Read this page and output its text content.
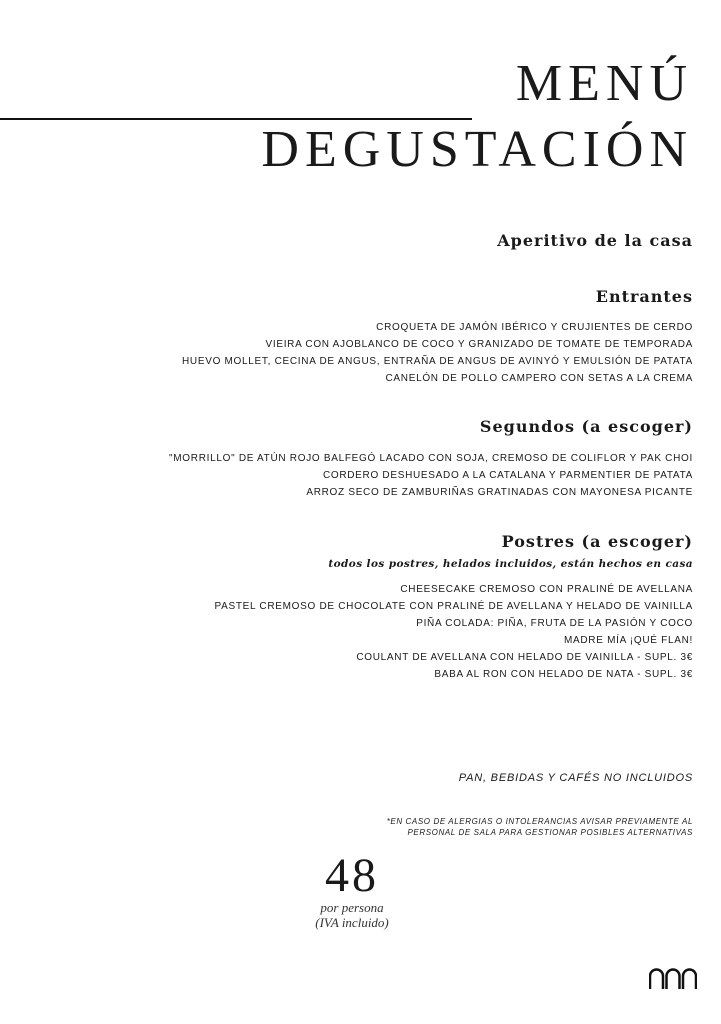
MENÚ
DEGUSTACIÓN
Aperitivo de la casa
Entrantes
CROQUETA DE JAMÓN IBÉRICO Y CRUJIENTES DE CERDO
VIEIRA CON AJOBLANCO DE COCO Y GRANIZADO DE TOMATE DE TEMPORADA
HUEVO MOLLET, CECINA DE ANGUS, ENTRAÑA DE ANGUS DE AVINYÓ Y EMULSIÓN DE PATATA
CANELÓN DE POLLO CAMPERO CON SETAS A LA CREMA
Segundos (a escoger)
"MORRILLO" DE ATÚN ROJO BALFEGÓ LACADO CON SOJA, CREMOSO DE COLIFLOR Y PAK CHOI
CORDERO DESHUESADO A LA CATALANA Y PARMENTIER DE PATATA
ARROZ SECO DE ZAMBURIÑAS GRATINADAS CON MAYONESA PICANTE
Postres (a escoger)
todos los postres, helados incluidos, están hechos en casa
CHEESECAKE CREMOSO CON PRALINÉ DE AVELLANA
PASTEL CREMOSO DE CHOCOLATE CON PRALINÉ DE AVELLANA Y HELADO DE VAINILLA
PIÑA COLADA: PIÑA, FRUTA DE LA PASIÓN Y COCO
MADRE MÍA ¡QUÉ FLAN!
COULANT DE AVELLANA CON HELADO DE VAINILLA - SUPL. 3€
BABA AL RON CON HELADO DE NATA - SUPL. 3€
PAN, BEBIDAS Y CAFÉS NO INCLUIDOS
*EN CASO DE ALERGIAS O INTOLERANCIAS AVISAR PREVIAMENTE AL
PERSONAL DE SALA PARA GESTIONAR POSIBLES ALTERNATIVAS
48
por persona
(IVA incluido)
